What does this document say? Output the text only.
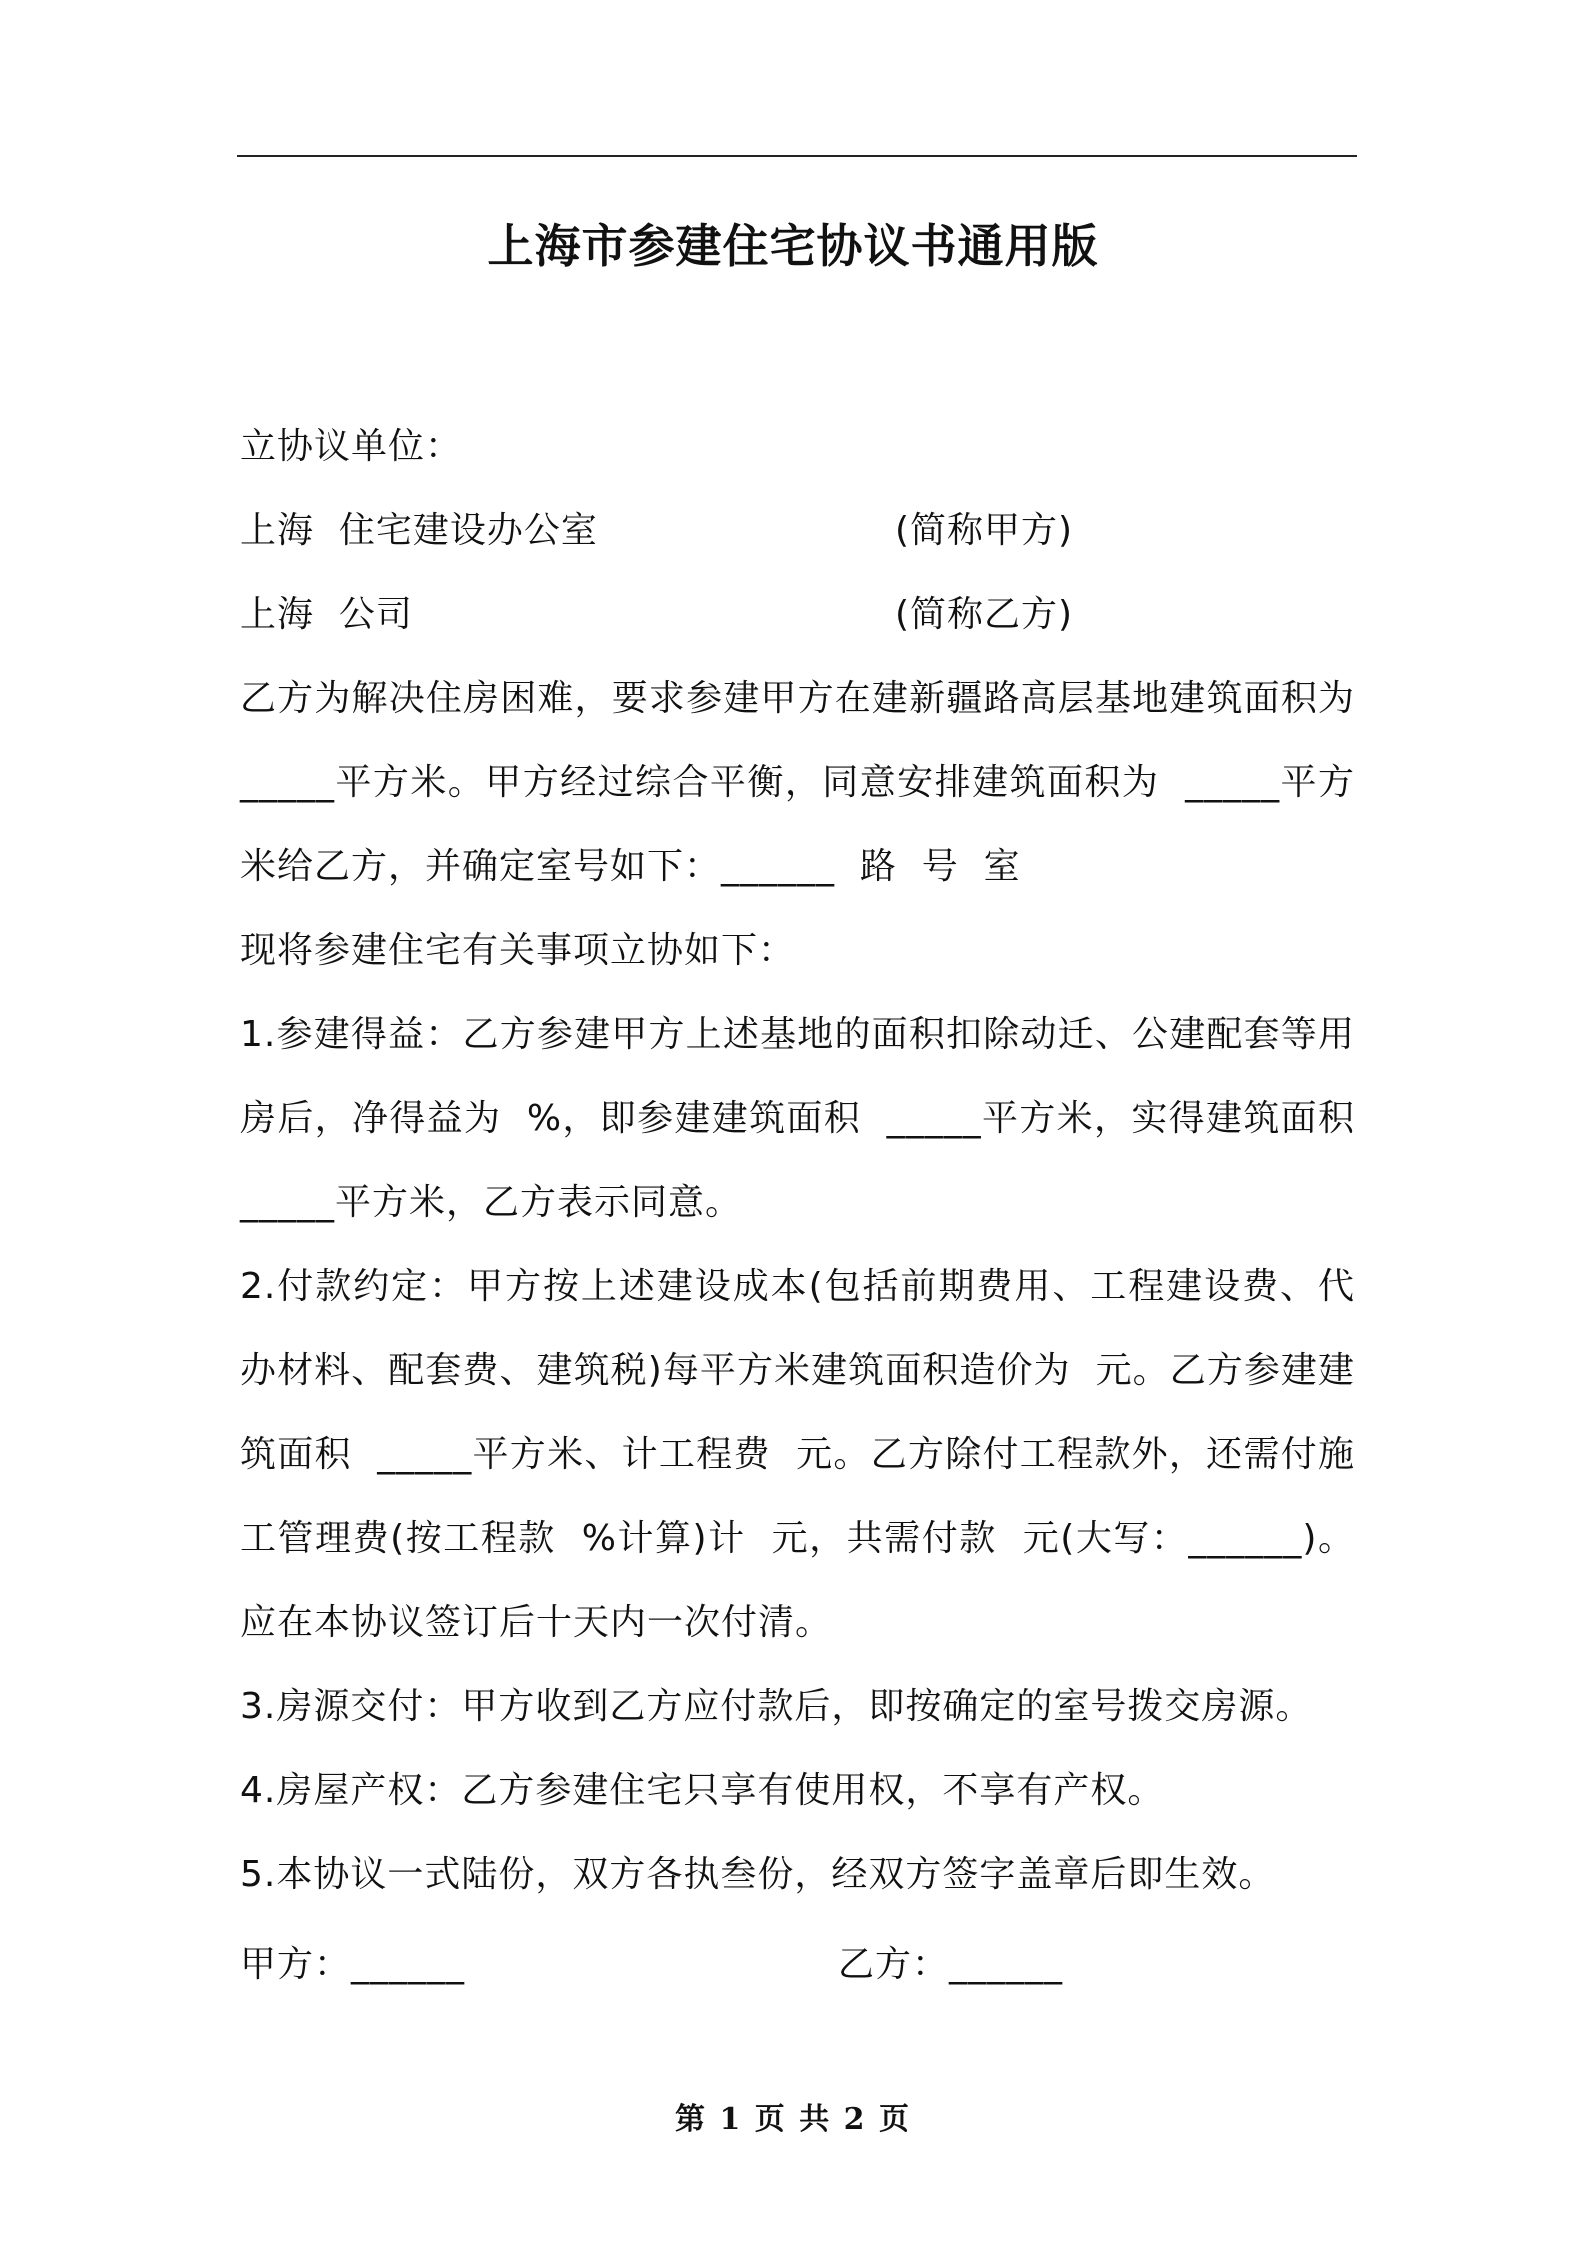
上海市参建住宅协议书通用版
立协议单位：
上海  住宅建设办公室	(简称甲方)
上海  公司	(简称乙方)
乙方为解决住房困难，要求参建甲方在建新疆路高层基地建筑面积为
_____平方米。甲方经过综合平衡，同意安排建筑面积为  _____平方
米给乙方，并确定室号如下：______  路  号  室
现将参建住宅有关事项立协如下：
1.参建得益：乙方参建甲方上述基地的面积扣除动迁、公建配套等用
房后，净得益为  %，即参建建筑面积  _____平方米，实得建筑面积
_____平方米，乙方表示同意。
2.付款约定：甲方按上述建设成本(包括前期费用、工程建设费、代
办材料、配套费、建筑税)每平方米建筑面积造价为  元。乙方参建建
筑面积  _____平方米、计工程费  元。乙方除付工程款外，还需付施
工管理费(按工程款  %计算)计  元，共需付款  元(大写：______)。
应在本协议签订后十天内一次付清。
3.房源交付：甲方收到乙方应付款后，即按确定的室号拨交房源。
4.房屋产权：乙方参建住宅只享有使用权，不享有产权。
5.本协议一式陆份，双方各执叁份，经双方签字盖章后即生效。
甲方：______	乙方：______
第 1 页 共 2 页
